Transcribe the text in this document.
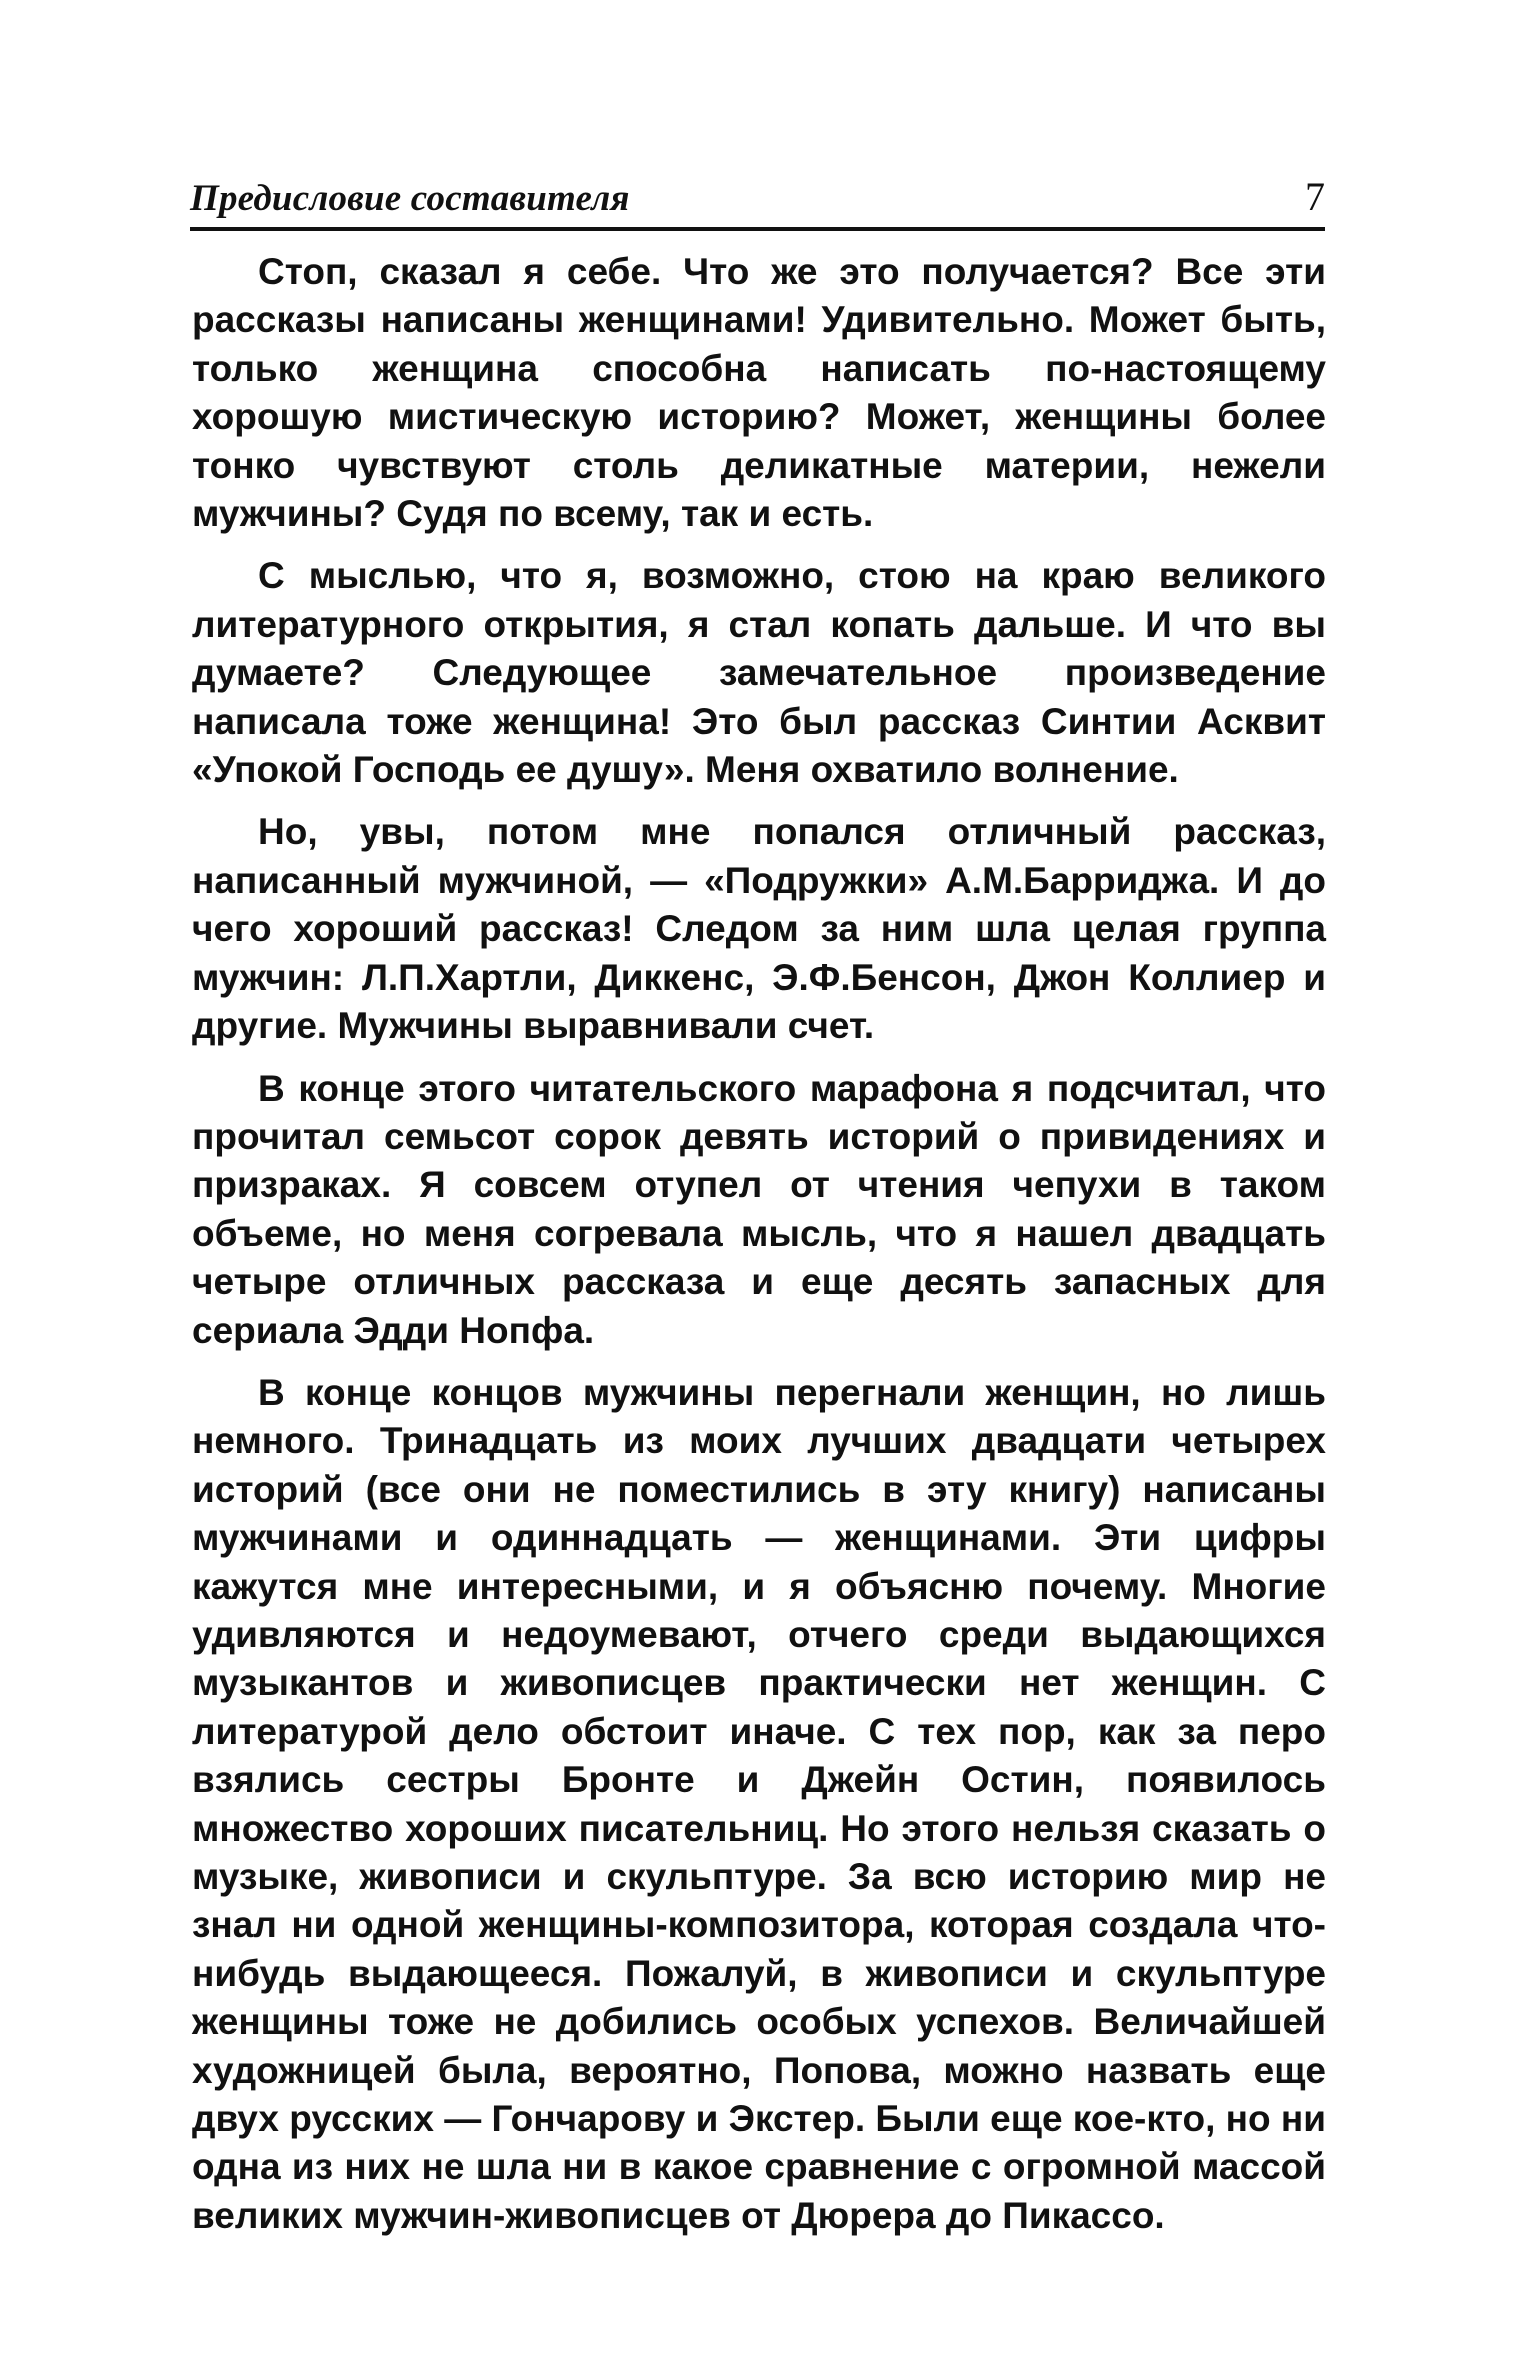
Предисловие составителя	7

Стоп, сказал я себе. Что же это получается? Все эти рассказы написаны женщинами! Удивительно. Может быть, только женщина способна написать по-настоящему хорошую мистическую историю? Может, женщины более тонко чувствуют столь деликатные материи, нежели мужчины? Судя по всему, так и есть.

С мыслью, что я, возможно, стою на краю великого литературного открытия, я стал копать дальше. И что вы думаете? Следующее замечательное произведение написала тоже женщина! Это был рассказ Синтии Асквит «Упокой Господь ее душу». Меня охватило волнение.

Но, увы, потом мне попался отличный рассказ, написанный мужчиной, — «Подружки» А.М.Барриджа. И до чего хороший рассказ! Следом за ним шла целая группа мужчин: Л.П.Хартли, Диккенс, Э.Ф.Бенсон, Джон Коллиер и другие. Мужчины выравнивали счет.

В конце этого читательского марафона я подсчитал, что прочитал семьсот сорок девять историй о привидениях и призраках. Я совсем отупел от чтения чепухи в таком объеме, но меня согревала мысль, что я нашел двадцать четыре отличных рассказа и еще десять запасных для сериала Эдди Нопфа.

В конце концов мужчины перегнали женщин, но лишь немного. Тринадцать из моих лучших двадцати четырех историй (все они не поместились в эту книгу) написаны мужчинами и одиннадцать — женщинами. Эти цифры кажутся мне интересными, и я объясню почему. Многие удивляются и недоумевают, отчего среди выдающихся музыкантов и живописцев практически нет женщин. С литературой дело обстоит иначе. С тех пор, как за перо взялись сестры Бронте и Джейн Остин, появилось множество хороших писательниц. Но этого нельзя сказать о музыке, живописи и скульптуре. За всю историю мир не знал ни одной женщины-композитора, которая создала что-нибудь выдающееся. Пожалуй, в живописи и скульптуре женщины тоже не добились особых успехов. Величайшей художницей была, вероятно, Попова, можно назвать еще двух русских — Гончарову и Экстер. Были еще кое-кто, но ни одна из них не шла ни в какое сравнение с огромной массой великих мужчин-живописцев от Дюрера до Пикассо.
